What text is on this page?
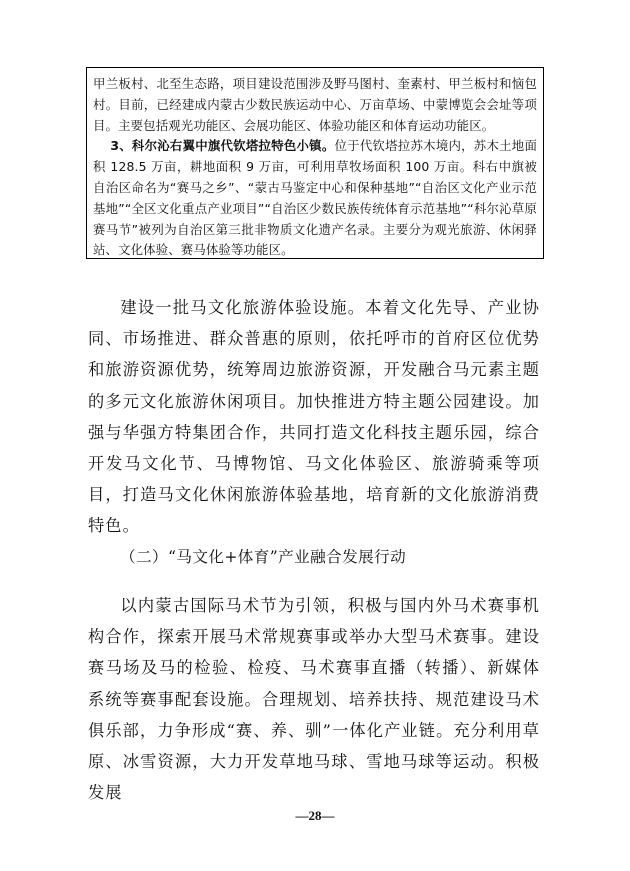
甲兰板村、北至生态路，项目建设范围涉及野马图村、奎素村、甲兰板村和恼包村。目前，已经建成内蒙古少数民族运动中心、万亩草场、中蒙博览会会址等项目。主要包括观光功能区、会展功能区、体验功能区和体育运动功能区。

3、科尔沁右翼中旗代钦塔拉特色小镇。位于代钦塔拉苏木境内，苏木土地面积 128.5 万亩，耕地面积 9 万亩，可利用草牧场面积 100 万亩。科右中旗被自治区命名为“赛马之乡”、“蒙古马鉴定中心和保种基地”“自治区文化产业示范基地”“全区文化重点产业项目”“自治区少数民族传统体育示范基地”“科尔沁草原赛马节”被列为自治区第三批非物质文化遗产名录。主要分为观光旅游、休闲驿站、文化体验、赛马体验等功能区。

建设一批马文化旅游体验设施。本着文化先导、产业协同、市场推进、群众普惠的原则，依托呼市的首府区位优势和旅游资源优势，统筹周边旅游资源，开发融合马元素主题的多元文化旅游休闲项目。加快推进方特主题公园建设。加强与华强方特集团合作，共同打造文化科技主题乐园，综合开发马文化节、马博物馆、马文化体验区、旅游骑乘等项目，打造马文化休闲旅游体验基地，培育新的文化旅游消费特色。

（二）“马文化+体育”产业融合发展行动

以内蒙古国际马术节为引领，积极与国内外马术赛事机构合作，探索开展马术常规赛事或举办大型马术赛事。建设赛马场及马的检验、检疫、马术赛事直播（转播）、新媒体系统等赛事配套设施。合理规划、培养扶持、规范建设马术俱乐部，力争形成“赛、养、驯”一体化产业链。充分利用草原、冰雪资源，大力开发草地马球、雪地马球等运动。积极发展

—28—
